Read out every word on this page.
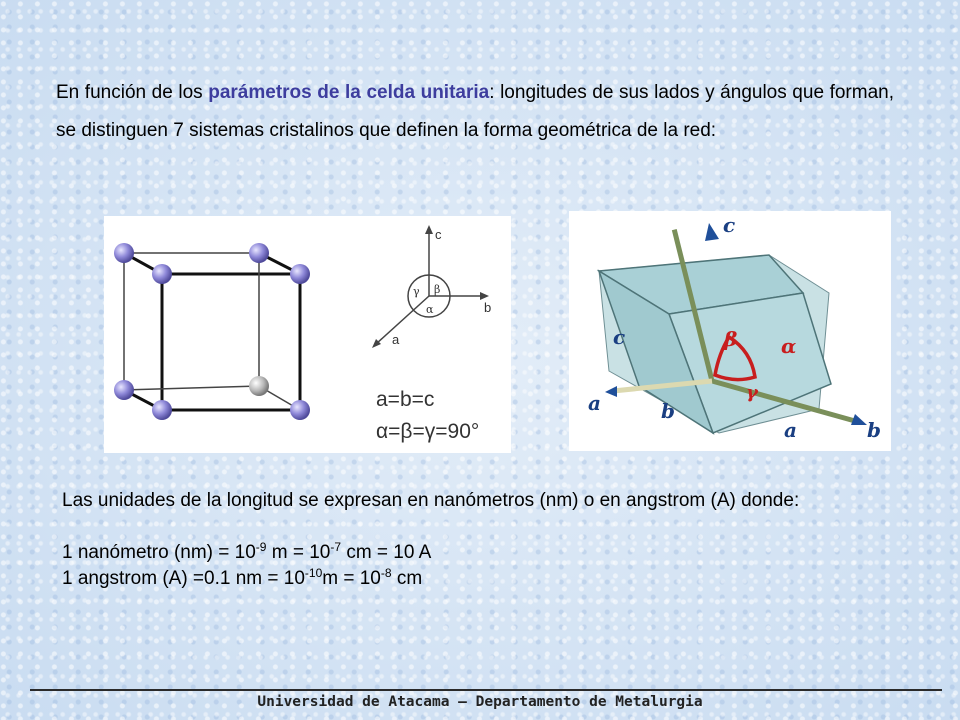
En función de los parámetros de la celda unitaria: longitudes de sus lados y ángulos que forman, se distinguen 7 sistemas cristalinos que definen la forma geométrica de la red:
c
b
a
β
γ
α
a=b=c
α=β=γ=90°
c
a
b
c
b
a
β α
γ

Las unidades de la longitud se expresan en nanómetros (nm) o en angstrom (A) donde:

1 nanómetro $(nm) = 10^{-9}$ $m = 10^{-7}$ cm = 10 A

1 angstrom (A) =0.1 nm = $10^{-10}m = 10^{-8}$ cm

Universidad de Atacama – Departamento de Metalurgia
